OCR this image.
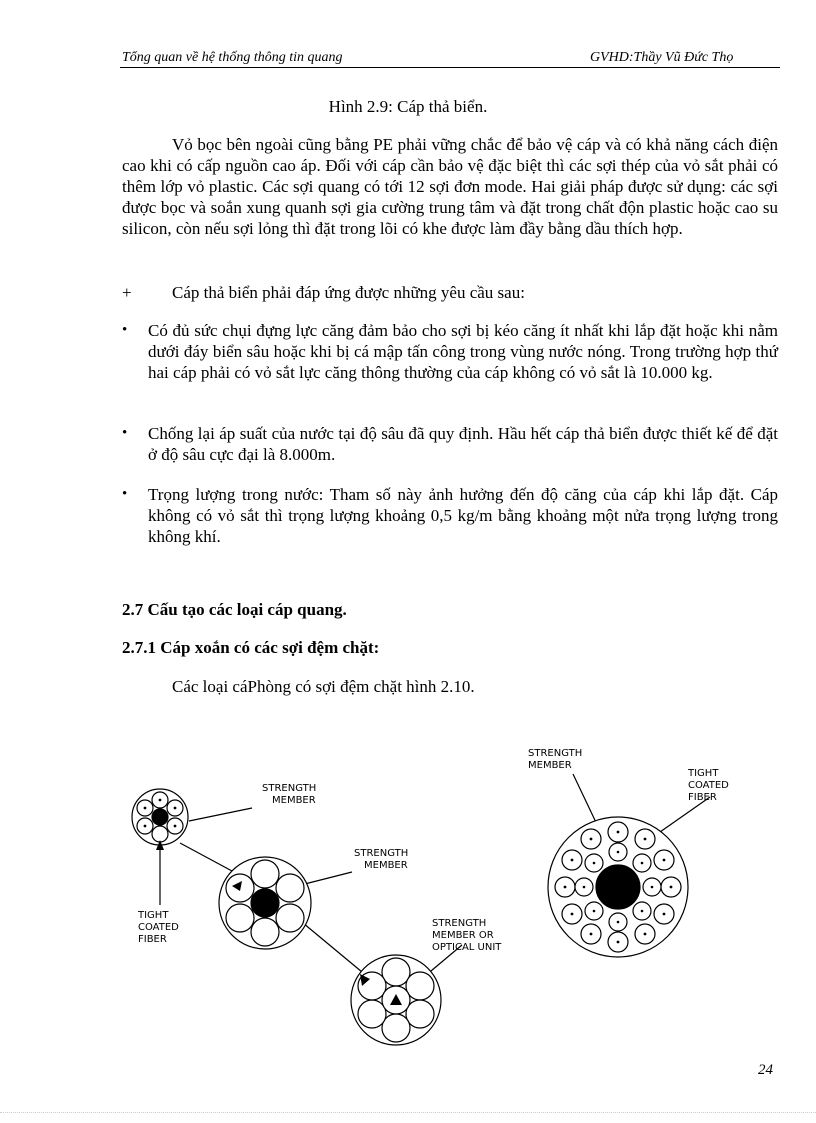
Tổng quan về hệ thống thông tin quang	GVHD:Thầy Vũ Đức Thọ
Hình 2.9: Cáp thả biển.
Vỏ bọc bên ngoài cũng bằng PE phải vững chắc để bảo vệ cáp và có khả năng cách điện cao khi có cấp nguồn cao áp. Đối với cáp cần bảo vệ đặc biệt thì các sợi thép của vỏ sắt phải có thêm lớp vỏ plastic. Các sợi quang có tới 12 sợi đơn mode. Hai giải pháp được sử dụng: các sợi được bọc và soắn xung quanh sợi gia cường trung tâm và đặt trong chất độn plastic hoặc cao su silicon, còn nếu sợi lỏng thì đặt trong lõi có khe được làm đầy bằng dầu thích hợp.
+ Cáp thả biển phải đáp ứng được những yêu cầu sau:
• Có đủ sức chụi đựng lực căng đảm bảo cho sợi bị kéo căng ít nhất khi lắp đặt hoặc khi nằm dưới đáy biển sâu hoặc khi bị cá mập tấn công trong vùng nước nóng. Trong trường hợp thứ hai cáp phải có vỏ sắt lực căng thông thường của cáp không có vỏ sắt là 10.000 kg.
• Chống lại áp suất của nước tại độ sâu đã quy định. Hầu hết cáp thả biển được thiết kế để đặt ở độ sâu cực đại là 8.000m.
• Trọng lượng trong nước: Tham số này ảnh hưởng đến độ căng của cáp khi lắp đặt. Cáp không có vỏ sắt thì trọng lượng khoảng 0,5 kg/m bằng khoảng một nửa trọng lượng trong không khí.
2.7 Cấu tạo các loại cáp quang.
2.7.1 Cáp xoắn có các sợi đệm chặt:
Các loại cáPhòng có sợi đệm chặt hình 2.10.
STRENGTH MEMBER
STRENGTH MEMBER
STRENGTH MEMBER OR OPTICAL UNIT
TIGHT COATED FIBER
STRENGTH MEMBER
TIGHT COATED FIBER
24
